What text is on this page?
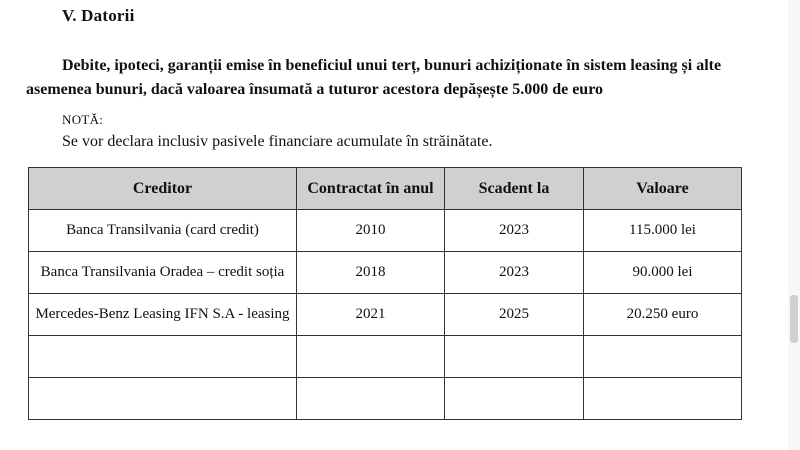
V. Datorii
Debite, ipoteci, garanții emise în beneficiul unui terț, bunuri achiziționate în sistem leasing și alte
asemenea bunuri, dacă valoarea însumată a tuturor acestora depășește 5.000 de euro
NOTĂ:
Se vor declara inclusiv pasivele financiare acumulate în străinătate.
Creditor	Contractat în anul	Scadent la	Valoare
Banca Transilvania (card credit)	2010	2023	115.000 lei
Banca Transilvania Oradea – credit soția	2018	2023	90.000 lei
Mercedes-Benz Leasing IFN S.A - leasing	2021	2025	20.250 euro
